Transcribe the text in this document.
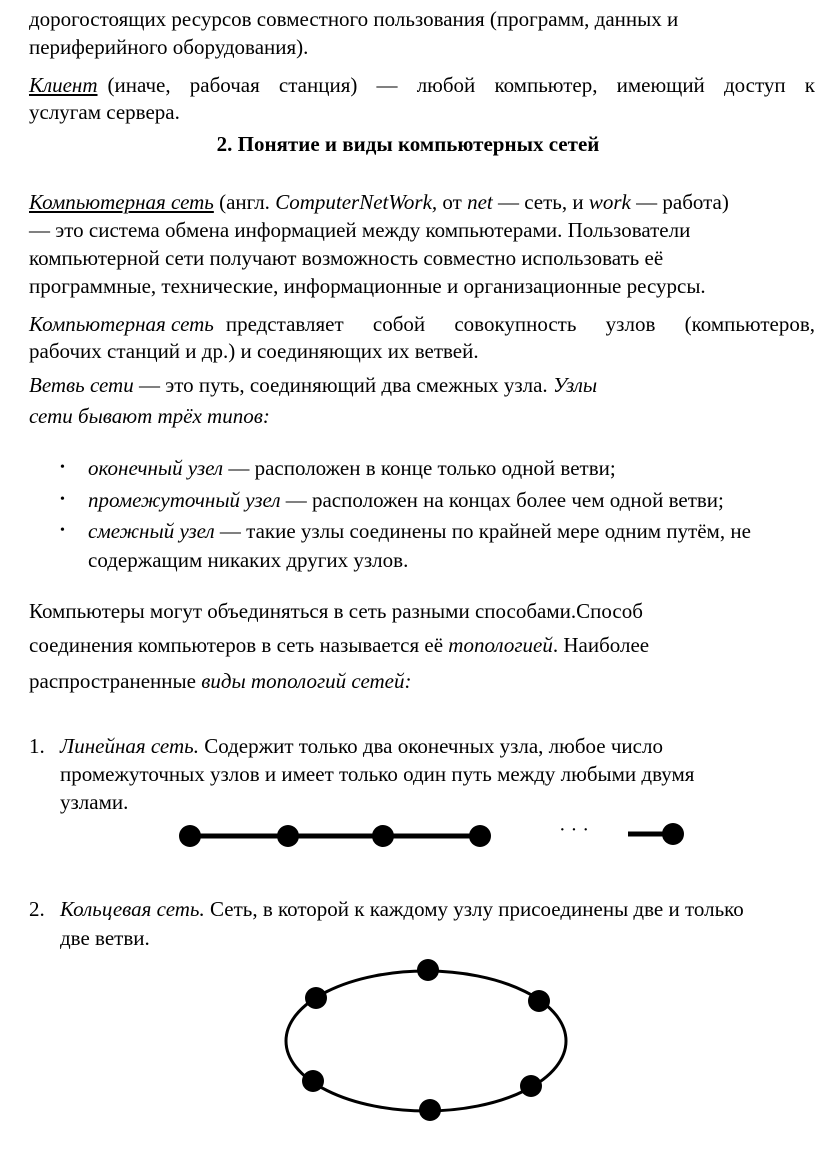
дорогостоящих ресурсов совместного пользования (программ, данных и
периферийного оборудования).
Клиент (иначе, рабочая станция) — любой компьютер, имеющий доступ к
услугам сервера.
2. Понятие и виды компьютерных сетей
Компьютерная сеть (англ. ComputerNetWork, от net — сеть, и work — работа)
— это система обмена информацией между компьютерами. Пользователи
компьютерной сети получают возможность совместно использовать её
программные, технические, информационные и организационные ресурсы.
Компьютерная сеть представляет собой совокупность узлов (компьютеров,
рабочих станций и др.) и соединяющих их ветвей.
Ветвь сети — это путь, соединяющий два смежных узла. Узлы
сети бывают трёх типов:
• оконечный узел — расположен в конце только одной ветви;
• промежуточный узел — расположен на концах более чем одной ветви;
• смежный узел — такие узлы соединены по крайней мере одним путём, не
содержащим никаких других узлов.
Компьютеры могут объединяться в сеть разными способами.Способ
соединения компьютеров в сеть называется её топологией. Наиболее
распространенные виды топологий сетей:
1. Линейная сеть. Содержит только два оконечных узла, любое число
промежуточных узлов и имеет только один путь между любыми двумя
узлами.
· · ·
2. Кольцевая сеть. Сеть, в которой к каждому узлу присоединены две и только
две ветви.
